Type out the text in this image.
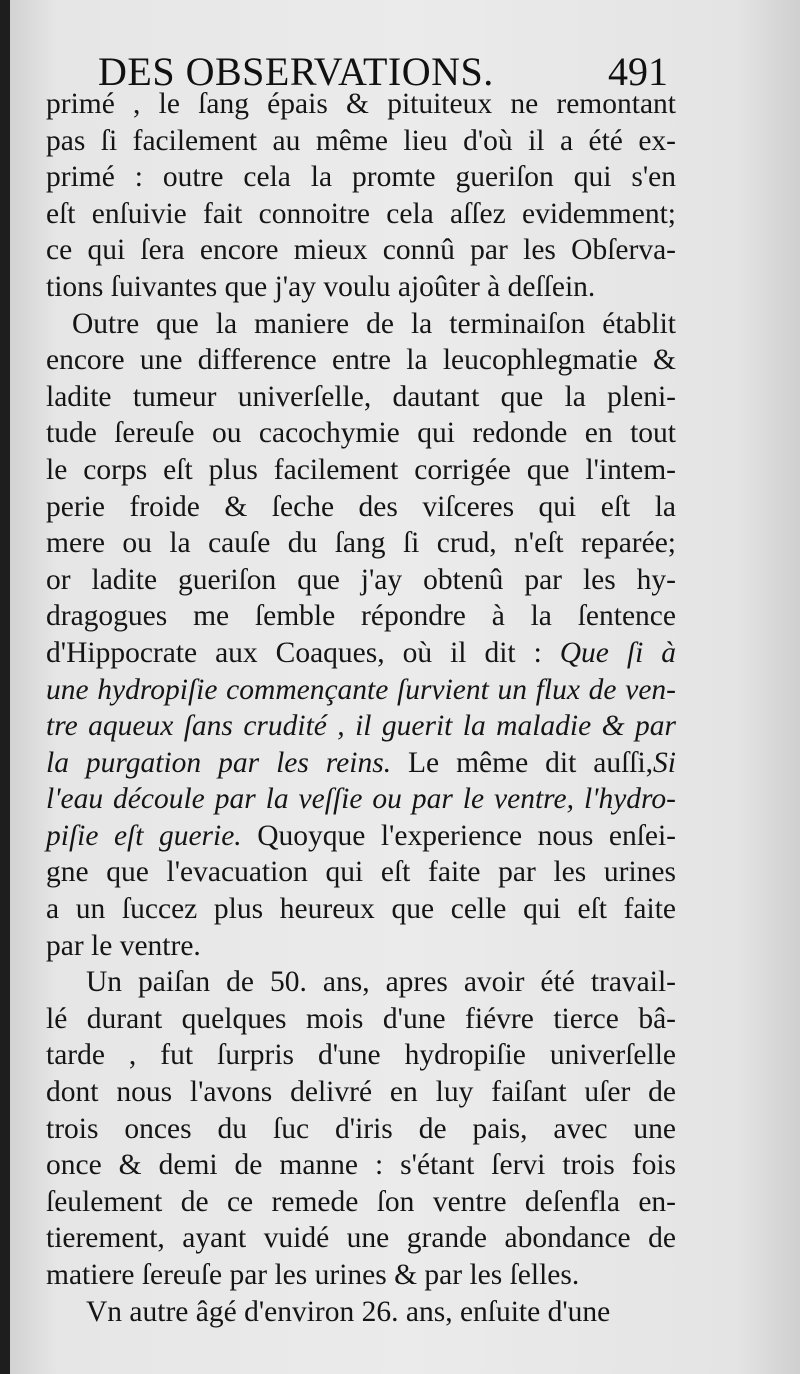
DES OBSERVATIONS.	491
primé , le ſang épais & pituiteux ne remontant
pas ſi facilement au même lieu d'où il a été ex-
primé : outre cela la promte gueriſon qui s'en
eſt enſuivie fait connoitre cela aſſez evidemment;
ce qui ſera encore mieux connû par les Obſerva-
tions ſuivantes que j'ay voulu ajoûter à deſſein.
Outre que la maniere de la terminaiſon établit
encore une difference entre la leucophlegmatie &
ladite tumeur univerſelle, dautant que la pleni-
tude ſereuſe ou cacochymie qui redonde en tout
le corps eſt plus facilement corrigée que l'intem-
perie froide & ſeche des viſceres qui eſt la
mere ou la cauſe du ſang ſi crud, n'eſt reparée;
or ladite gueriſon que j'ay obtenû par les hy-
dragogues me ſemble répondre à la ſentence
d'Hippocrate aux Coaques, où il dit : Que ſi à
une hydropiſie commençante ſurvient un flux de ven-
tre aqueux ſans crudité , il guerit la maladie & par
la purgation par les reins. Le même dit auſſi,Si
l'eau découle par la veſſie ou par le ventre, l'hydro-
piſie eſt guerie. Quoyque l'experience nous enſei-
gne que l'evacuation qui eſt faite par les urines
a un ſuccez plus heureux que celle qui eſt faite
par le ventre.
Un paiſan de 50. ans, apres avoir été travail-
lé durant quelques mois d'une fiévre tierce bâ-
tarde , fut ſurpris d'une hydropiſie univerſelle
dont nous l'avons delivré en luy faiſant uſer de
trois onces du ſuc d'iris de pais, avec une
once & demi de manne : s'étant ſervi trois fois
ſeulement de ce remede ſon ventre deſenfla en-
tierement, ayant vuidé une grande abondance de
matiere ſereuſe par les urines & par les ſelles.
Vn autre âgé d'environ 26. ans, enſuite d'une
